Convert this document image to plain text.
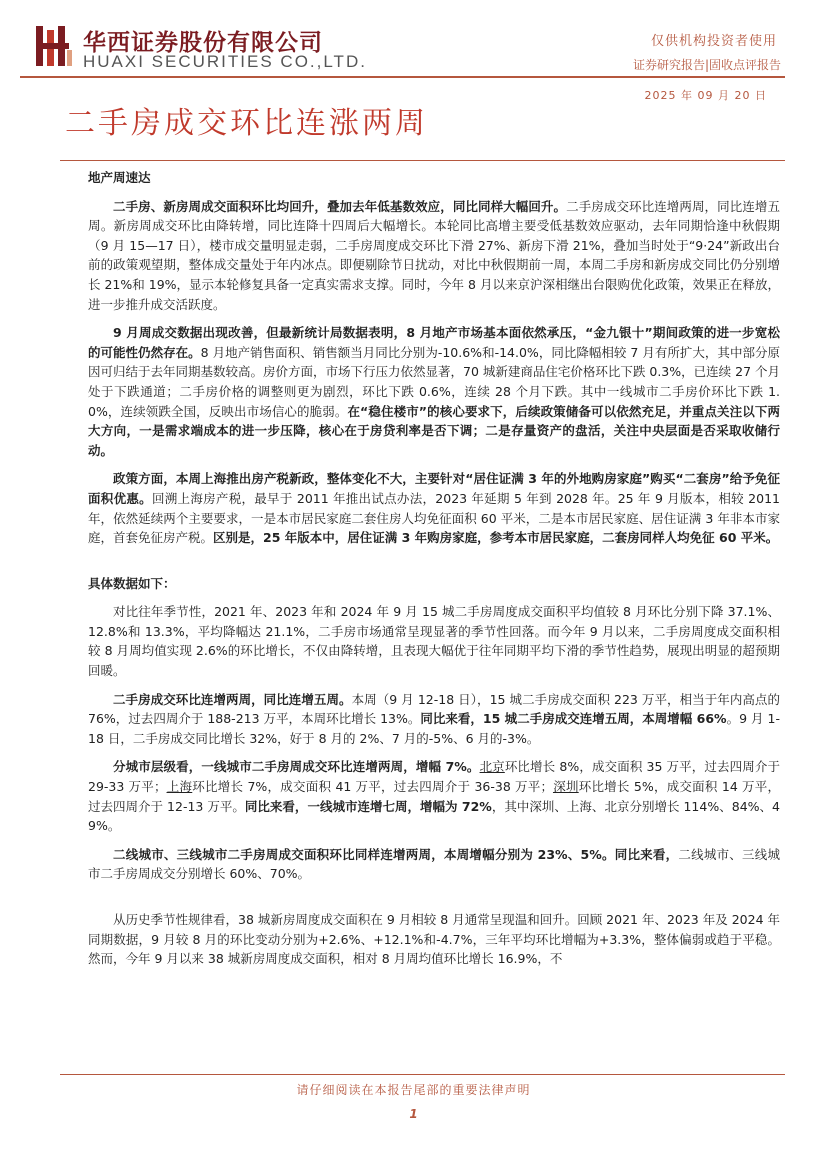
华西证券股份有限公司
HUAXI SECURITIES CO.,LTD.
仅供机构投资者使用
证券研究报告|固收点评报告
2025 年 09 月 20 日
二手房成交环比连涨两周

地产周速达

二手房、新房周成交面积环比均回升，叠加去年低基数效应，同比同样大幅回升。二手房成交环比连增两周，同比连增五周。新房周成交环比由降转增，同比连降十四周后大幅增长。本轮同比高增主要受低基数效应驱动，去年同期恰逢中秋假期（9 月 15—17 日），楼市成交量明显走弱，二手房周度成交环比下滑 27%、新房下滑 21%，叠加当时处于“9·24”新政出台前的政策观望期，整体成交量处于年内冰点。即便剔除节日扰动，对比中秋假期前一周，本周二手房和新房成交同比仍分别增长 21%和 19%，显示本轮修复具备一定真实需求支撑。同时，今年 8 月以来京沪深相继出台限购优化政策，效果正在释放，进一步推升成交活跃度。

9 月周成交数据出现改善，但最新统计局数据表明，8 月地产市场基本面依然承压，“金九银十”期间政策的进一步宽松的可能性仍然存在。8 月地产销售面积、销售额当月同比分别为-10.6%和-14.0%，同比降幅相较 7 月有所扩大，其中部分原因可归结于去年同期基数较高。房价方面，市场下行压力依然显著，70 城新建商品住宅价格环比下跌 0.3%，已连续 27 个月处于下跌通道；二手房价格的调整则更为剧烈，环比下跌 0.6%，连续 28 个月下跌。其中一线城市二手房价环比下跌 1.0%，连续领跌全国，反映出市场信心的脆弱。在“稳住楼市”的核心要求下，后续政策储备可以依然充足，并重点关注以下两大方向，一是需求端成本的进一步压降，核心在于房贷利率是否下调；二是存量资产的盘活，关注中央层面是否采取收储行动。

政策方面，本周上海推出房产税新政，整体变化不大，主要针对“居住证满 3 年的外地购房家庭”购买“二套房”给予免征面积优惠。回溯上海房产税，最早于 2011 年推出试点办法，2023 年延期 5 年到 2028 年。25 年 9 月版本，相较 2011 年，依然延续两个主要要求，一是本市居民家庭二套住房人均免征面积 60 平米，二是本市居民家庭、居住证满 3 年非本市家庭，首套免征房产税。区别是，25 年版本中，居住证满 3 年购房家庭，参考本市居民家庭，二套房同样人均免征 60 平米。

具体数据如下：

对比往年季节性，2021 年、2023 年和 2024 年 9 月 15 城二手房周度成交面积平均值较 8 月环比分别下降 37.1%、12.8%和 13.3%，平均降幅达 21.1%，二手房市场通常呈现显著的季节性回落。而今年 9 月以来，二手房周度成交面积相较 8 月周均值实现 2.6%的环比增长，不仅由降转增，且表现大幅优于往年同期平均下滑的季节性趋势，展现出明显的超预期回暖。

二手房成交环比连增两周，同比连增五周。本周（9 月 12-18 日），15 城二手房成交面积 223 万平，相当于年内高点的 76%，过去四周介于 188-213 万平，本周环比增长 13%。同比来看，15 城二手房成交连增五周，本周增幅 66%。9 月 1-18 日，二手房成交同比增长 32%，好于 8 月的 2%、7 月的-5%、6 月的-3%。

分城市层级看，一线城市二手房周成交环比连增两周，增幅 7%。北京环比增长 8%，成交面积 35 万平，过去四周介于 29-33 万平；上海环比增长 7%，成交面积 41 万平，过去四周介于 36-38 万平；深圳环比增长 5%，成交面积 14 万平，过去四周介于 12-13 万平。同比来看，一线城市连增七周，增幅为 72%，其中深圳、上海、北京分别增长 114%、84%、49%。

二线城市、三线城市二手房周成交面积环比同样连增两周，本周增幅分别为 23%、5%。同比来看，二线城市、三线城市二手房周成交分别增长 60%、70%。

从历史季节性规律看，38 城新房周度成交面积在 9 月相较 8 月通常呈现温和回升。回顾 2021 年、2023 年及 2024 年同期数据，9 月较 8 月的环比变动分别为+2.6%、+12.1%和-4.7%，三年平均环比增幅为+3.3%，整体偏弱或趋于平稳。然而，今年 9 月以来 38 城新房周度成交面积，相对 8 月周均值环比增长 16.9%，不

请仔细阅读在本报告尾部的重要法律声明
1
